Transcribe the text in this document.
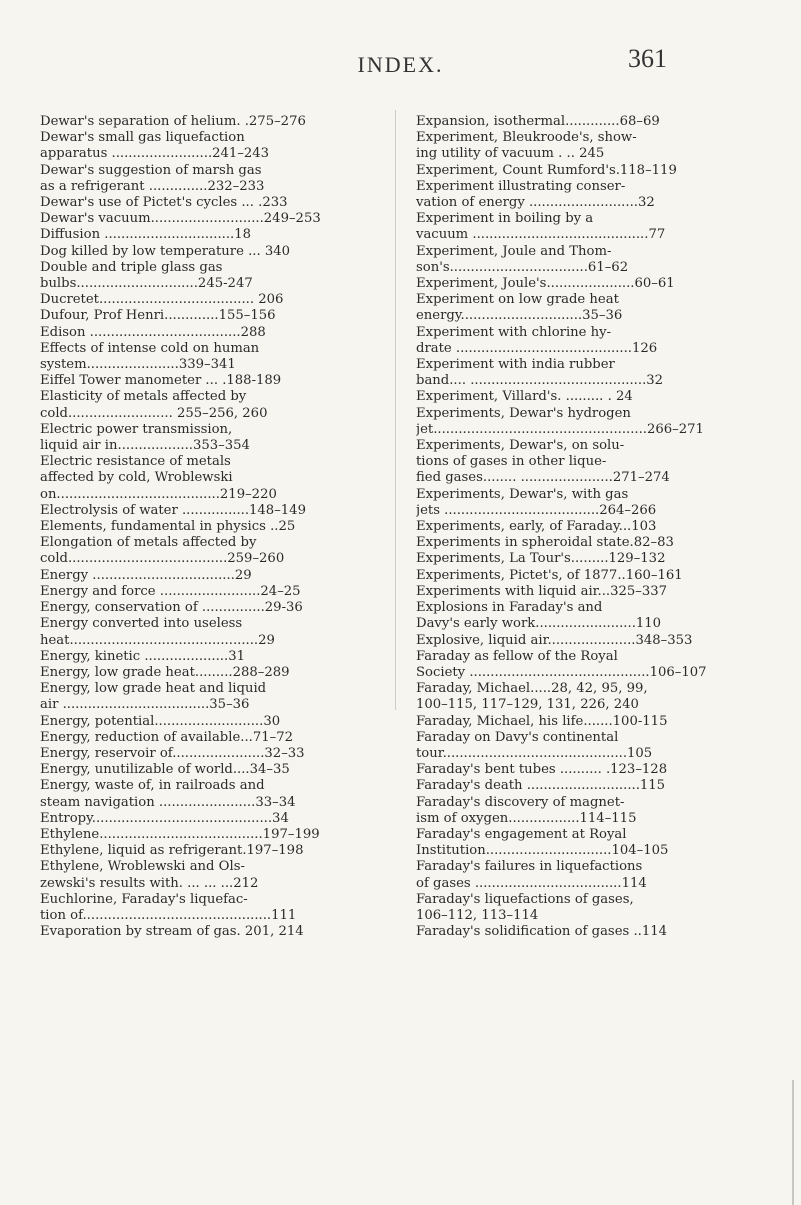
INDEX.	361
Dewar's separation of helium. .275–276
Dewar's small gas liquefaction
apparatus ........................241–243
Dewar's suggestion of marsh gas
as a refrigerant ..............232–233
Dewar's use of Pictet's cycles ... .233
Dewar's vacuum...........................249–253
Diffusion ...............................18
Dog killed by low temperature ... 340
Double and triple glass gas
bulbs.............................245-247
Ducretet..................................... 206
Dufour, Prof Henri.............155–156
Edison ....................................288
Effects of intense cold on human
system......................339–341
Eiffel Tower manometer ... .188-189
Elasticity of metals affected by
cold......................... 255–256, 260
Electric power transmission,
liquid air in..................353–354
Electric resistance of metals
affected by cold, Wroblewski
on.......................................219–220
Electrolysis of water ................148–149
Elements, fundamental in physics ..25
Elongation of metals affected by
cold......................................259–260
Energy ..................................29
Energy and force ........................24–25
Energy, conservation of ...............29-36
Energy converted into useless
heat.............................................29
Energy, kinetic ....................31
Energy, low grade heat.........288–289
Energy, low grade heat and liquid
air ...................................35–36
Energy, potential..........................30
Energy, reduction of available...71–72
Energy, reservoir of......................32–33
Energy, unutilizable of world....34–35
Energy, waste of, in railroads and
steam navigation .......................33–34
Entropy...........................................34
Ethylene.......................................197–199
Ethylene, liquid as refrigerant.197–198
Ethylene, Wroblewski and Ols-
zewski's results with. ... ... ...212
Euchlorine, Faraday's liquefac-
tion of.............................................111
Evaporation by stream of gas. 201, 214
Expansion, isothermal.............68–69
Experiment, Bleukroode's, show-
ing utility of vacuum . .. 245
Experiment, Count Rumford's.118–119
Experiment illustrating conser-
vation of energy ..........................32
Experiment in boiling by a
vacuum ..........................................77
Experiment, Joule and Thom-
son's.................................61–62
Experiment, Joule's.....................60–61
Experiment on low grade heat
energy.............................35–36
Experiment with chlorine hy-
drate ..........................................126
Experiment with india rubber
band.... ..........................................32
Experiment, Villard's. ......... . 24
Experiments, Dewar's hydrogen
jet...................................................266–271
Experiments, Dewar's, on solu-
tions of gases in other lique-
fied gases........ ......................271–274
Experiments, Dewar's, with gas
jets .....................................264–266
Experiments, early, of Faraday...103
Experiments in spheroidal state.82–83
Experiments, La Tour's.........129–132
Experiments, Pictet's, of 1877..160–161
Experiments with liquid air...325–337
Explosions in Faraday's and
Davy's early work........................110
Explosive, liquid air.....................348–353
Faraday as fellow of the Royal
Society ...........................................106–107
Faraday, Michael.....28, 42, 95, 99,
100–115, 117–129, 131, 226, 240
Faraday, Michael, his life.......100-115
Faraday on Davy's continental
tour............................................105
Faraday's bent tubes .......... .123–128
Faraday's death ...........................115
Faraday's discovery of magnet-
ism of oxygen.................114–115
Faraday's engagement at Royal
Institution..............................104–105
Faraday's failures in liquefactions
of gases ...................................114
Faraday's liquefactions of gases,
106–112, 113–114
Faraday's solidification of gases ..114
